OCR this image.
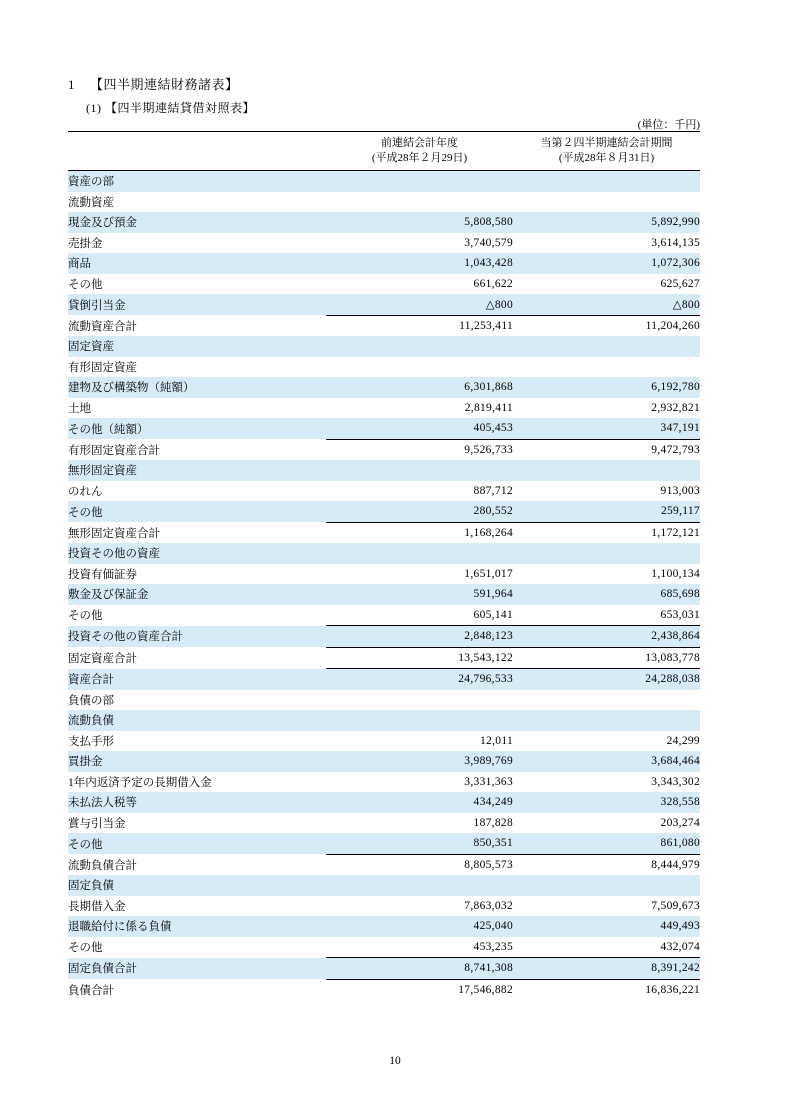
1 【四半期連結財務諸表】
(1) 【四半期連結貸借対照表】
(単位：千円)

前連結会計年度
(平成28年２月29日)

当第２四半期連結会計期間
(平成28年８月31日)

資産の部		
流動資産		
現金及び預金	5,808,580	5,892,990
売掛金	3,740,579	3,614,135
商品	1,043,428	1,072,306
その他	661,622	625,627
貸倒引当金	△800	△800
流動資産合計	11,253,411	11,204,260
固定資産		
有形固定資産		
建物及び構築物（純額）	6,301,868	6,192,780
土地	2,819,411	2,932,821
その他（純額）	405,453	347,191
有形固定資産合計	9,526,733	9,472,793
無形固定資産		
のれん	887,712	913,003
その他	280,552	259,117
無形固定資産合計	1,168,264	1,172,121
投資その他の資産		
投資有価証券	1,651,017	1,100,134
敷金及び保証金	591,964	685,698
その他	605,141	653,031
投資その他の資産合計	2,848,123	2,438,864
固定資産合計	13,543,122	13,083,778
資産合計	24,796,533	24,288,038
負債の部		
流動負債		
支払手形	12,011	24,299
買掛金	3,989,769	3,684,464
1年内返済予定の長期借入金	3,331,363	3,343,302
未払法人税等	434,249	328,558
賞与引当金	187,828	203,274
その他	850,351	861,080
流動負債合計	8,805,573	8,444,979
固定負債		
長期借入金	7,863,032	7,509,673
退職給付に係る負債	425,040	449,493
その他	453,235	432,074
固定負債合計	8,741,308	8,391,242
負債合計	17,546,882	16,836,221
10
